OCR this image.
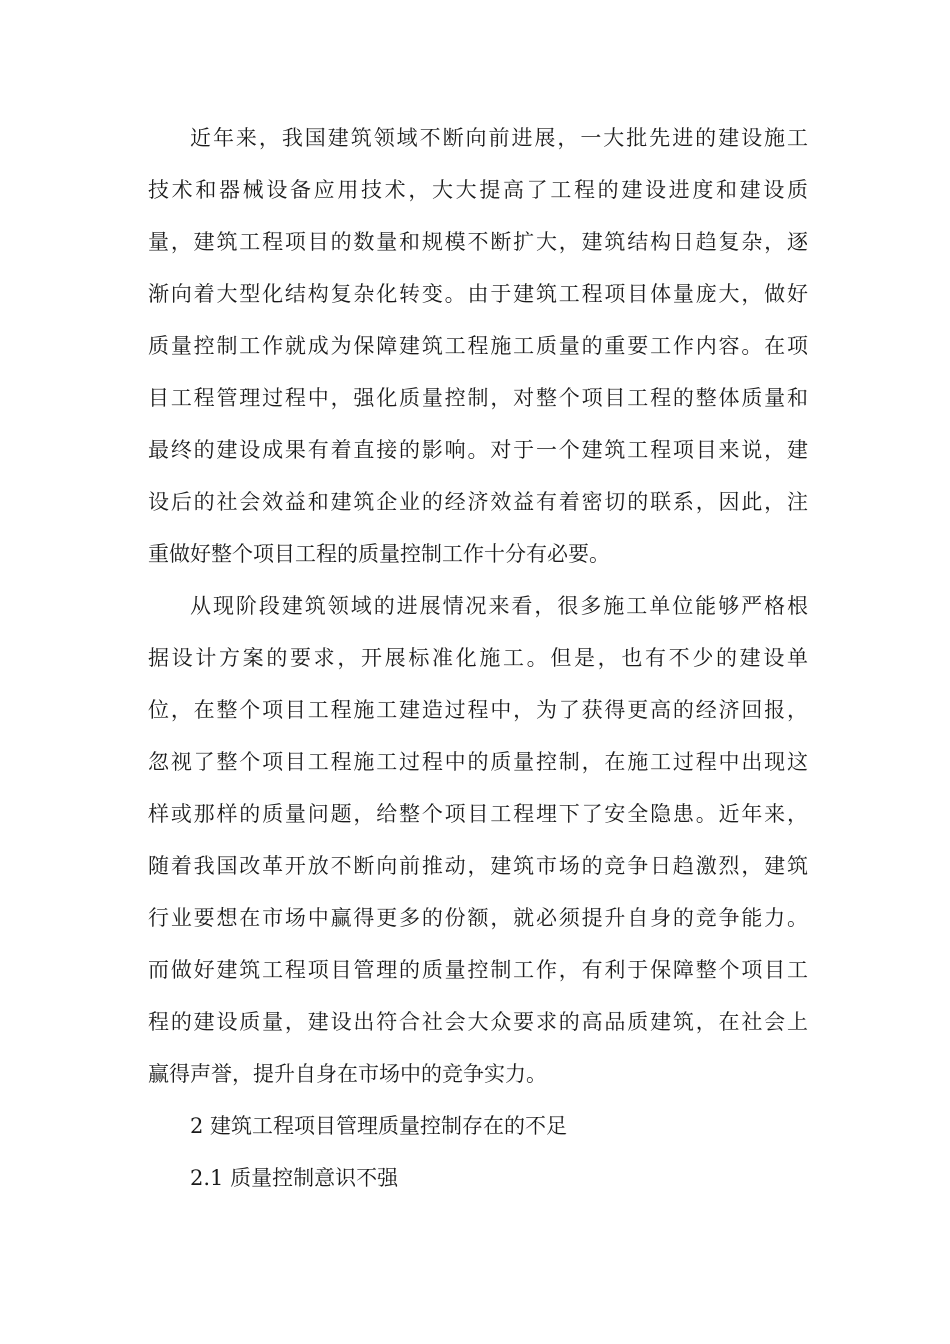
近年来，我国建筑领域不断向前进展，一大批先进的建设施工

技术和器械设备应用技术，大大提高了工程的建设进度和建设质

量，建筑工程项目的数量和规模不断扩大，建筑结构日趋复杂，逐

渐向着大型化结构复杂化转变。由于建筑工程项目体量庞大，做好

质量控制工作就成为保障建筑工程施工质量的重要工作内容。在项

目工程管理过程中，强化质量控制，对整个项目工程的整体质量和

最终的建设成果有着直接的影响。对于一个建筑工程项目来说，建

设后的社会效益和建筑企业的经济效益有着密切的联系，因此，注

重做好整个项目工程的质量控制工作十分有必要。

从现阶段建筑领域的进展情况来看，很多施工单位能够严格根

据设计方案的要求，开展标准化施工。但是，也有不少的建设单

位，在整个项目工程施工建造过程中，为了获得更高的经济回报，

忽视了整个项目工程施工过程中的质量控制，在施工过程中出现这

样或那样的质量问题，给整个项目工程埋下了安全隐患。近年来，

随着我国改革开放不断向前推动，建筑市场的竞争日趋激烈，建筑

行业要想在市场中赢得更多的份额，就必须提升自身的竞争能力。

而做好建筑工程项目管理的质量控制工作，有利于保障整个项目工

程的建设质量，建设出符合社会大众要求的高品质建筑，在社会上

赢得声誉，提升自身在市场中的竞争实力。

2 建筑工程项目管理质量控制存在的不足

2.1 质量控制意识不强
